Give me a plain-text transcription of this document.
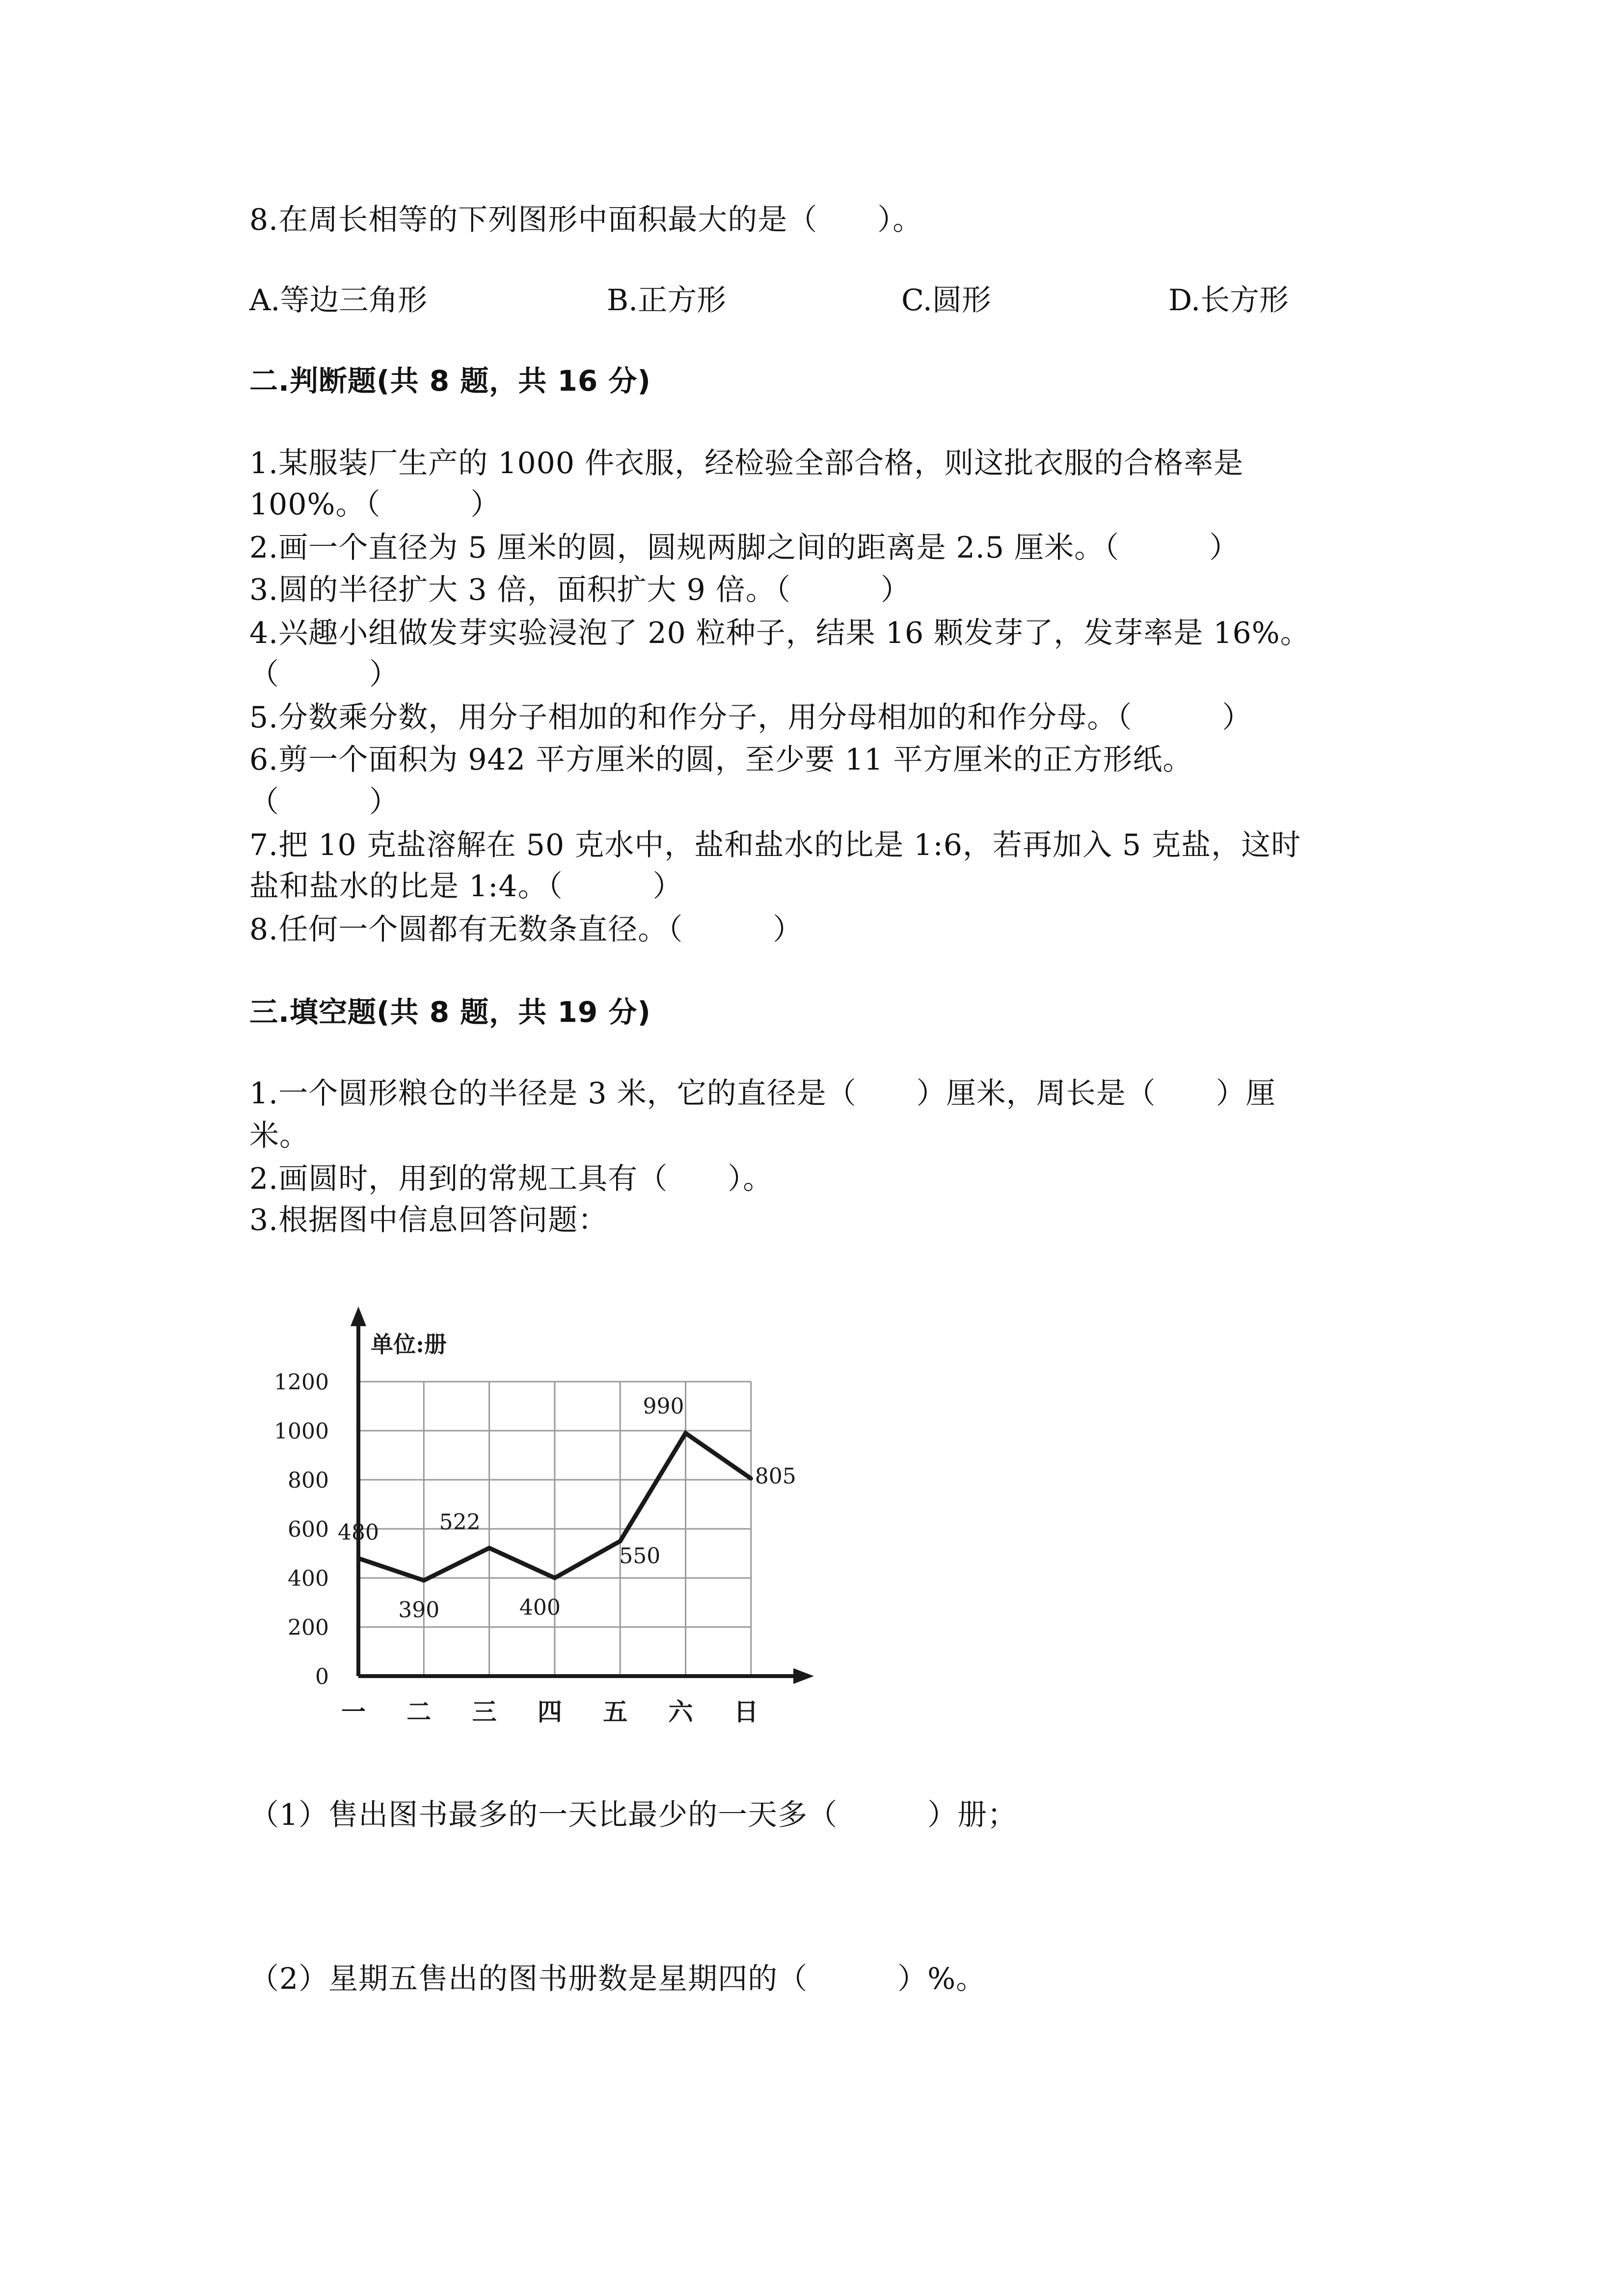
8.在周长相等的下列图形中面积最大的是（　　）。

A.等边三角形	B.正方形	C.圆形	D.长方形

二.判断题(共 8 题，共 16 分)

1.某服装厂生产的 1000 件衣服，经检验全部合格，则这批衣服的合格率是

100%。（　　　）

2.画一个直径为 5 厘米的圆，圆规两脚之间的距离是 2.5 厘米。（　　　）

3.圆的半径扩大 3 倍，面积扩大 9 倍。（　　　）

4.兴趣小组做发芽实验浸泡了 20 粒种子，结果 16 颗发芽了，发芽率是 16%。

（　　　）

5.分数乘分数，用分子相加的和作分子，用分母相加的和作分母。（　　　）

6.剪一个面积为 942 平方厘米的圆，至少要 11 平方厘米的正方形纸。

（　　　）

7.把 10 克盐溶解在 50 克水中，盐和盐水的比是 1:6，若再加入 5 克盐，这时

盐和盐水的比是 1:4。（　　　）

8.任何一个圆都有无数条直径。（　　　）

三.填空题(共 8 题，共 19 分)

1.一个圆形粮仓的半径是 3 米，它的直径是（　　）厘米，周长是（　　）厘

米。

2.画圆时，用到的常规工具有（　　）。

3.根据图中信息回答问题：

单位:册
0
200
400
600
800
1000
1200
一 二 三 四 五 六 日
480
390
522
400
550
990
805

（1）售出图书最多的一天比最少的一天多（　　　）册；

（2）星期五售出的图书册数是星期四的（　　　）%。
